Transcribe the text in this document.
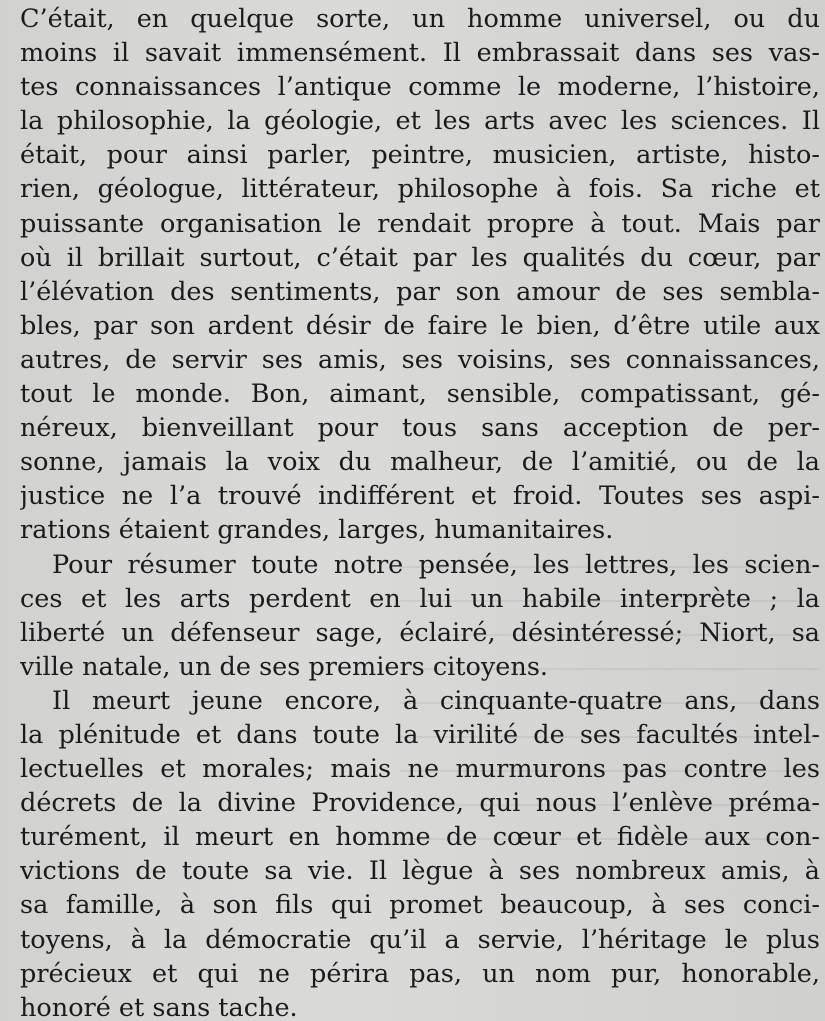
C’était, en quelque sorte, un homme universel, ou du
moins il savait immensément. Il embrassait dans ses vas-
tes connaissances l’antique comme le moderne, l’histoire,
la philosophie, la géologie, et les arts avec les sciences. Il
était, pour ainsi parler, peintre, musicien, artiste, histo-
rien, géologue, littérateur, philosophe à fois. Sa riche et
puissante organisation le rendait propre à tout. Mais par
où il brillait surtout, c’était par les qualités du cœur, par
l’élévation des sentiments, par son amour de ses sembla-
bles, par son ardent désir de faire le bien, d’être utile aux
autres, de servir ses amis, ses voisins, ses connaissances,
tout le monde. Bon, aimant, sensible, compatissant, gé-
néreux, bienveillant pour tous sans acception de per-
sonne, jamais la voix du malheur, de l’amitié, ou de la
justice ne l’a trouvé indifférent et froid. Toutes ses aspi-
rations étaient grandes, larges, humanitaires.
Pour résumer toute notre pensée, les lettres, les scien-
ces et les arts perdent en lui un habile interprète ; la
liberté un défenseur sage, éclairé, désintéressé; Niort, sa
ville natale, un de ses premiers citoyens.
Il meurt jeune encore, à cinquante-quatre ans, dans
la plénitude et dans toute la virilité de ses facultés intel-
lectuelles et morales; mais ne murmurons pas contre les
décrets de la divine Providence, qui nous l’enlève préma-
turément, il meurt en homme de cœur et fidèle aux con-
victions de toute sa vie. Il lègue à ses nombreux amis, à
sa famille, à son fils qui promet beaucoup, à ses conci-
toyens, à la démocratie qu’il a servie, l’héritage le plus
précieux et qui ne périra pas, un nom pur, honorable,
honoré et sans tache.
